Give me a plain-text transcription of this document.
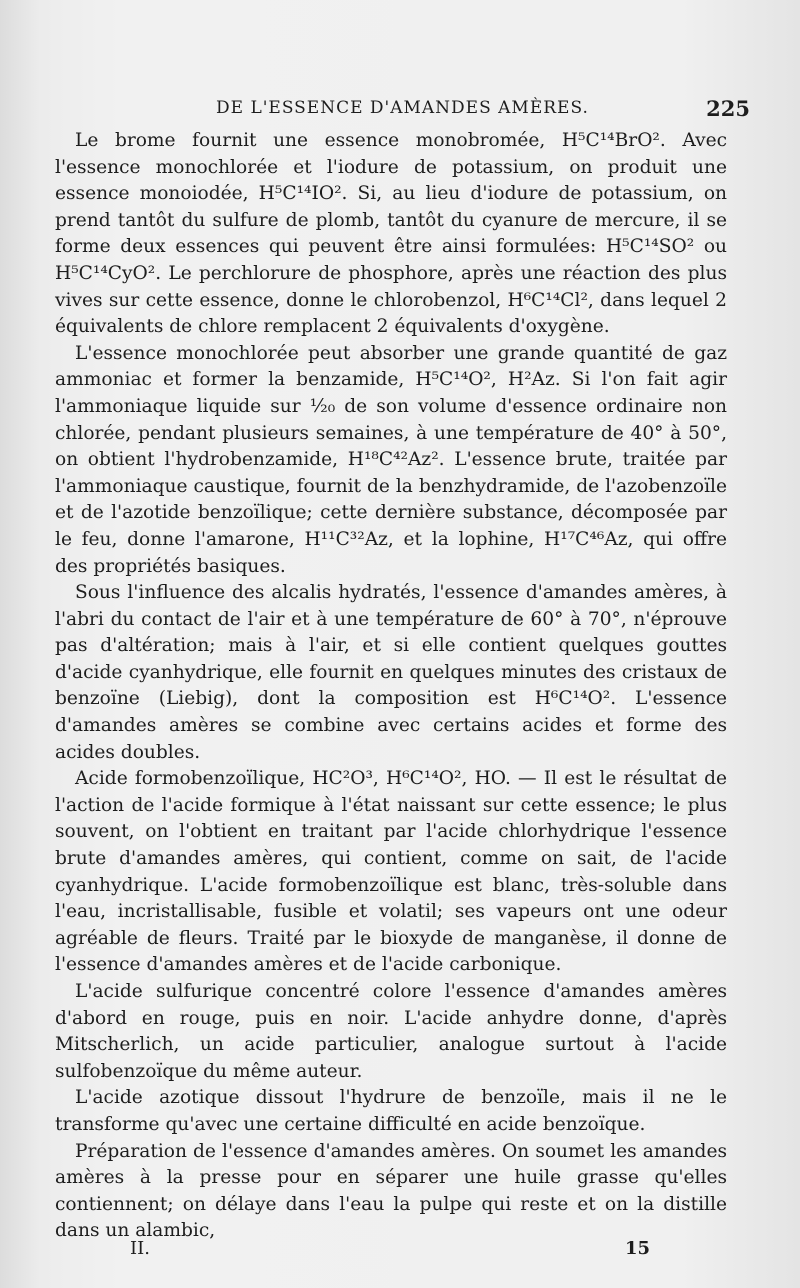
DE L'ESSENCE D'AMANDES AMÈRES.	225

Le brome fournit une essence monobromée, H⁵C¹⁴BrO². Avec l'essence monochlorée et l'iodure de potassium, on produit une essence monoiodée, H⁵C¹⁴IO². Si, au lieu d'iodure de potassium, on prend tantôt du sulfure de plomb, tantôt du cyanure de mercure, il se forme deux essences qui peuvent être ainsi formulées: H⁵C¹⁴SO² ou H⁵C¹⁴CyO². Le perchlorure de phosphore, après une réaction des plus vives sur cette essence, donne le chlorobenzol, H⁶C¹⁴Cl², dans lequel 2 équivalents de chlore remplacent 2 équivalents d'oxygène.

L'essence monochlorée peut absorber une grande quantité de gaz ammoniac et former la benzamide, H⁵C¹⁴O², H²Az. Si l'on fait agir l'ammoniaque liquide sur ¹⁄₂₀ de son volume d'essence ordinaire non chlorée, pendant plusieurs semaines, à une température de 40° à 50°, on obtient l'hydrobenzamide, H¹⁸C⁴²Az². L'essence brute, traitée par l'ammoniaque caustique, fournit de la benzhydramide, de l'azobenzoïle et de l'azotide benzoïlique; cette dernière substance, décomposée par le feu, donne l'amarone, H¹¹C³²Az, et la lophine, H¹⁷C⁴⁶Az, qui offre des propriétés basiques.

Sous l'influence des alcalis hydratés, l'essence d'amandes amères, à l'abri du contact de l'air et à une température de 60° à 70°, n'éprouve pas d'altération; mais à l'air, et si elle contient quelques gouttes d'acide cyanhydrique, elle fournit en quelques minutes des cristaux de benzoïne (Liebig), dont la composition est H⁶C¹⁴O². L'essence d'amandes amères se combine avec certains acides et forme des acides doubles.

Acide formobenzoïlique, HC²O³, H⁶C¹⁴O², HO. — Il est le résultat de l'action de l'acide formique à l'état naissant sur cette essence; le plus souvent, on l'obtient en traitant par l'acide chlorhydrique l'essence brute d'amandes amères, qui contient, comme on sait, de l'acide cyanhydrique. L'acide formobenzoïlique est blanc, très-soluble dans l'eau, incristallisable, fusible et volatil; ses vapeurs ont une odeur agréable de fleurs. Traité par le bioxyde de manganèse, il donne de l'essence d'amandes amères et de l'acide carbonique.

L'acide sulfurique concentré colore l'essence d'amandes amères d'abord en rouge, puis en noir. L'acide anhydre donne, d'après Mitscherlich, un acide particulier, analogue surtout à l'acide sulfobenzoïque du même auteur.

L'acide azotique dissout l'hydrure de benzoïle, mais il ne le transforme qu'avec une certaine difficulté en acide benzoïque.

Préparation de l'essence d'amandes amères. On soumet les amandes amères à la presse pour en séparer une huile grasse qu'elles contiennent; on délaye dans l'eau la pulpe qui reste et on la distille dans un alambic,

II.	15
